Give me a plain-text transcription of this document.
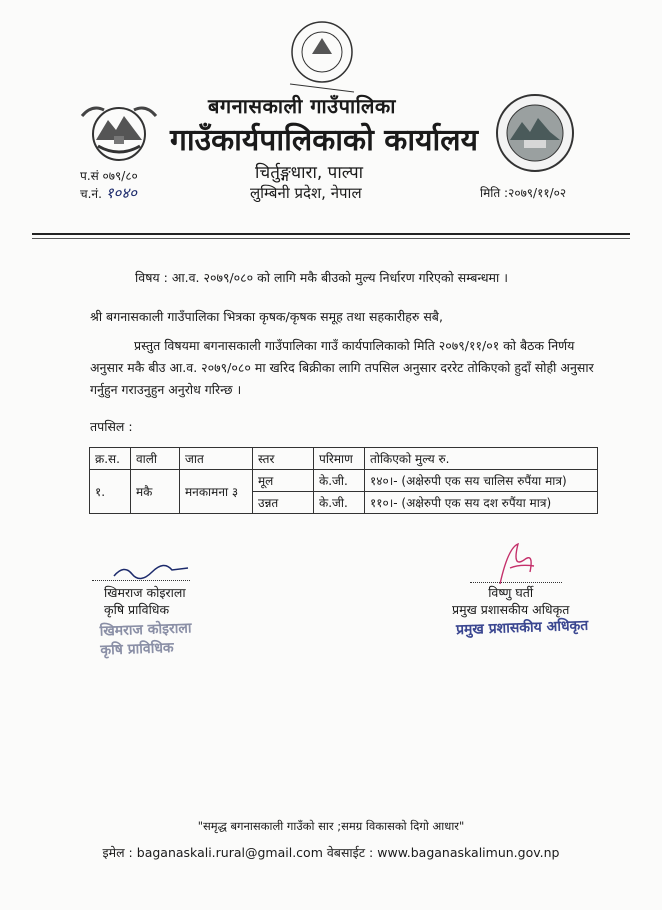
बगनासकाली गाउँपालिका
गाउँकार्यपालिकाको कार्यालय
चिर्तुङ्गधारा, पाल्पा
लुम्बिनी प्रदेश, नेपाल
प.सं ०७९/८०
च.नं. १०४०	मिति :२०७९/११/०२
विषय : आ.व. २०७९/०८० को लागि मकै बीउको मुल्य निर्धारण गरिएको सम्बन्धमा ।
श्री बगनासकाली गाउँपालिका भित्रका कृषक/कृषक समूह तथा सहकारीहरु सबै,
प्रस्तुत विषयमा बगनासकाली गाउँपालिका गाउँ कार्यपालिकाको मिति २०७९/११/०१ को बैठक निर्णय अनुसार मकै बीउ आ.व. २०७९/०८० मा खरिद बिक्रीका लागि तपसिल अनुसार दररेट तोकिएको हुदाँ सोही अनुसार गर्नुहुन गराउनुहुन अनुरोध गरिन्छ ।
तपसिल :
क्र.स.	वाली	जात	स्तर	परिमाण	तोकिएको मुल्य रु.
१.	मकै	मनकामना ३	मूल	के.जी.	१४०।- (अक्षेरुपी एक सय चालिस रुपैंया मात्र)
			उन्नत	के.जी.	११०।- (अक्षेरुपी एक सय दश रुपैंया मात्र)
खिमराज कोइराला
कृषि प्राविधिक
खिमराज कोइराला
कृषि प्राविधिक
विष्णु घर्ती
प्रमुख प्रशासकीय अधिकृत
प्रमुख प्रशासकीय अधिकृत
"समृद्ध बगनासकाली गाउँको सार ;समग्र विकासको दिगो आधार"
इमेल : baganaskali.rural@gmail.com वेबसाईट : www.baganaskalimun.gov.np
